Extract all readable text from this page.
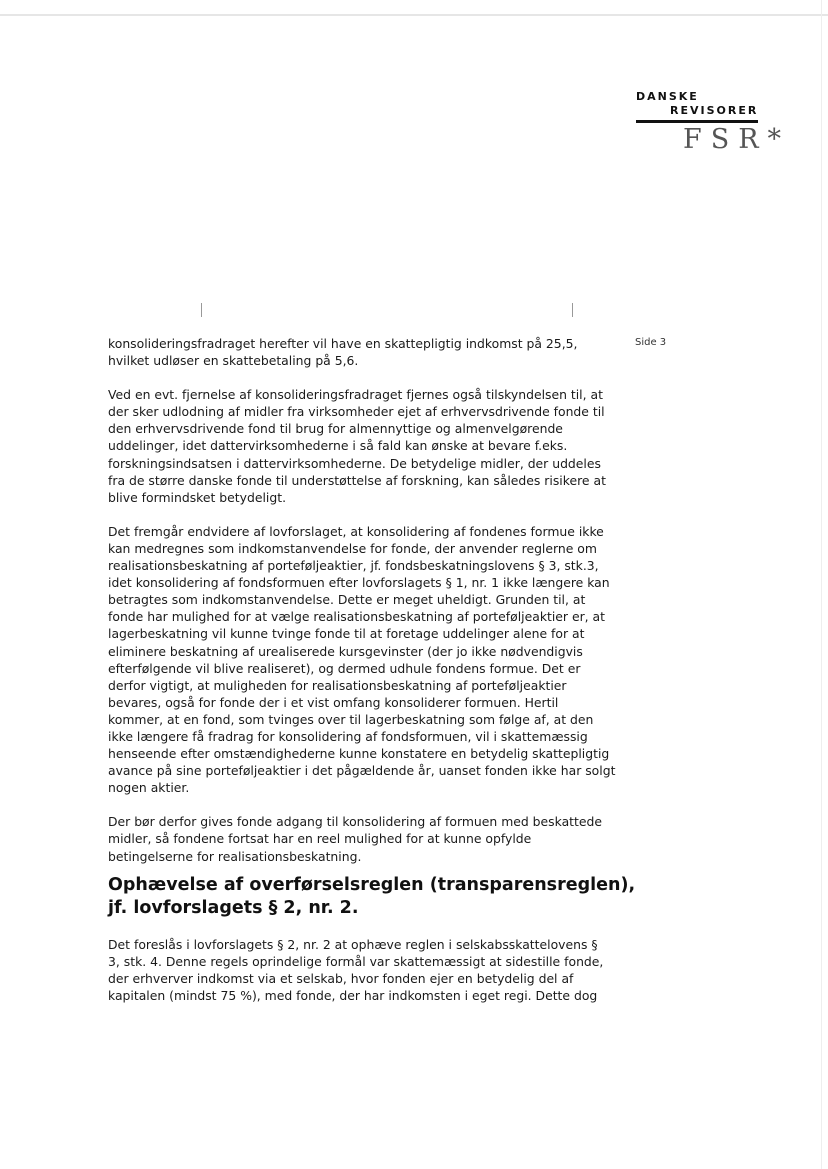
DANSKE
REVISORER
FSR*
Side 3

konsolideringsfradraget herefter vil have en skattepligtig indkomst på 25,5,

hvilket udløser en skattebetaling på 5,6.

Ved en evt. fjernelse af konsolideringsfradraget fjernes også tilskyndelsen til, at

der sker udlodning af midler fra virksomheder ejet af erhvervsdrivende fonde til

den erhvervsdrivende fond til brug for almennyttige og almenvelgørende

uddelinger, idet dattervirksomhederne i så fald kan ønske at bevare f.eks.

forskningsindsatsen i dattervirksomhederne. De betydelige midler, der uddeles

fra de større danske fonde til understøttelse af forskning, kan således risikere at

blive formindsket betydeligt.

Det fremgår endvidere af lovforslaget, at konsolidering af fondenes formue ikke

kan medregnes som indkomstanvendelse for fonde, der anvender reglerne om

realisationsbeskatning af porteføljeaktier, jf. fondsbeskatningslovens § 3, stk.3,

idet konsolidering af fondsformuen efter lovforslagets § 1, nr. 1 ikke længere kan

betragtes som indkomstanvendelse. Dette er meget uheldigt. Grunden til, at

fonde har mulighed for at vælge realisationsbeskatning af porteføljeaktier er, at

lagerbeskatning vil kunne tvinge fonde til at foretage uddelinger alene for at

eliminere beskatning af urealiserede kursgevinster (der jo ikke nødvendigvis

efterfølgende vil blive realiseret), og dermed udhule fondens formue. Det er

derfor vigtigt, at muligheden for realisationsbeskatning af porteføljeaktier

bevares, også for fonde der i et vist omfang konsoliderer formuen. Hertil

kommer, at en fond, som tvinges over til lagerbeskatning som følge af, at den

ikke længere få fradrag for konsolidering af fondsformuen, vil i skattemæssig

henseende efter omstændighederne kunne konstatere en betydelig skattepligtig

avance på sine porteføljeaktier i det pågældende år, uanset fonden ikke har solgt

nogen aktier.

Der bør derfor gives fonde adgang til konsolidering af formuen med beskattede

midler, så fondene fortsat har en reel mulighed for at kunne opfylde

betingelserne for realisationsbeskatning.

Ophævelse af overførselsreglen (transparensreglen),

jf. lovforslagets § 2, nr. 2.

Det foreslås i lovforslagets § 2, nr. 2 at ophæve reglen i selskabsskattelovens §

3, stk. 4. Denne regels oprindelige formål var skattemæssigt at sidestille fonde,

der erhverver indkomst via et selskab, hvor fonden ejer en betydelig del af

kapitalen (mindst 75 %), med fonde, der har indkomsten i eget regi. Dette dog
